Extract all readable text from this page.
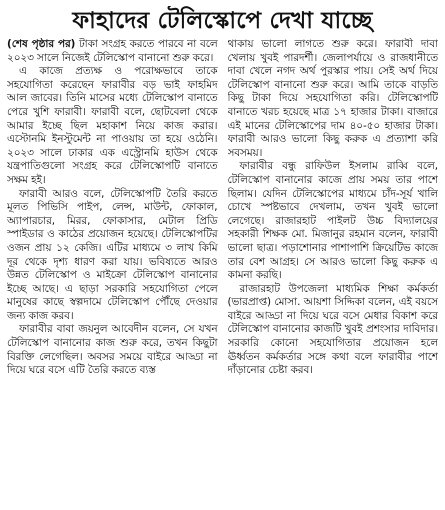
ফাহাদের টেলিস্কোপে দেখা যাচ্ছে

(শেষ পৃষ্ঠার পর) টাকা সংগ্রহ করতে পারবে না বলে ২০২৩ সালে নিজেই টেলিস্কোপ বানানো শুরু করে।

এ কাজে প্রত্যক্ষ ও পরোক্ষভাবে তাকে সহযোগিতা করেছেন ফারাবীর বড় ভাই ফাহমিদ আল জাবের। তিনি মাসের মধ্যে টেলিস্কোপ বানাতে পেরে খুশি ফারাবী। ফারাবী বলে, ছোটবেলা থেকে আমার ইচ্ছে ছিল মহাকাশ নিয়ে কাজ করার। এস্টোনমি ইনস্টুমেন্ট না পাওয়ায় তা হয়ে ওঠেনি। ২০২৩ সালে ঢাকার এক এস্ট্রোনমি হাউস থেকে যন্ত্রপাতিগুলো সংগ্রহ করে টেলিস্কোপটি বানাতে সক্ষম হই।

ফারাবী আরও বলে, টেলিস্কোপটি তৈরি করতে মূলত পিভিসি পাইপ, লেন্স, মাউন্ট, ফোকাল, অ্যাপারচার, মিরর, ফোকাসার, মেটাল প্রিডি স্পাইডার ও কাঠের প্রয়োজন হয়েছে। টেলিস্কোপটির ওজন প্রায় ১২ কেজি। এটির মাধ্যমে ৩ লাখ কিমি দূর থেকে দৃশ্য ধারণ করা যায়। ভবিষ্যতে আরও উন্নত টেলিস্কোপ ও মাইক্রো টেলিস্কোপ বানানোর ইচ্ছে আছে। এ ছাড়া সরকারি সহযোগিতা পেলে মানুষের কাছে স্বল্পদামে টেলিস্কোপ পৌঁছে দেওয়ার জন্য কাজ করব।

ফারাবীর বাবা জয়নুল আবেদীন বলেন, সে যখন টেলিস্কোপ বানানোর কাজ শুরু করে, তখন কিছুটা বিরক্তি লেগেছিল। অবসর সময়ে বাইরে আড্ডা না দিয়ে ঘরে বসে এটি তৈরি করতে ব্যস্ত

থাকায় ভালো লাগতে শুরু করে। ফারাবী দাবা খেলায় খুবই পারদর্শী। জেলাপর্যায়ে ও রাজধানীতে দাবা খেলে নগদ অর্থ পুরস্কার পায়। সেই অর্থ দিয়ে টেলিস্কোপ বানানো শুরু করে। আমি তাকে বাড়তি কিছু টাকা দিয়ে সহযোগিতা করি। টেলিস্কোপটি বানাতে খরচ হয়েছে মাত্র ১৭ হাজার টাকা। বাজারে এই মানের টেলিস্কোপের দাম ৪০-৫০ হাজার টাকা। ফারাবী আরও ভালো কিছু করুক এ প্রত্যাশা করি সবসময়।

ফারাবীর বন্ধু রাফিউল ইসলাম রাব্বি বলে, টেলিস্কোপ বানানোর কাজে প্রায় সময় তার পাশে ছিলাম। যেদিন টেলিস্কোপের মাধ্যমে চাঁদ-সূর্য খালি চোখে স্পষ্টভাবে দেখলাম, তখন খুবই ভালো লেগেছে। রাজারহাট পাইলট উচ্চ বিদ্যালয়ের সহকারী শিক্ষক মো. মিজানুর রহমান বলেন, ফারাবী ভালো ছাত্র। পড়াশোনার পাশাপাশি ক্রিয়েটিভ কাজে তার বেশ আগ্রহ। সে আরও ভালো কিছু করুক এ কামনা করছি।

রাজারহাট উপজেলা মাধ্যমিক শিক্ষা কর্মকর্তা (ভারপ্রাপ্ত) মোসা. আয়শা সিদ্দিকা বলেন, এই বয়সে বাইরে আড্ডা না দিয়ে ঘরে বসে মেধার বিকাশ করে টেলিস্কোপ বানানোর কাজটি খুবই প্রশংসার দাবিদার। সরকারি কোনো সহযোগিতার প্রয়োজন হলে ঊর্ধ্বতন কর্মকর্তার সঙ্গে কথা বলে ফারাবীর পাশে দাঁড়ানোর চেষ্টা করব।
